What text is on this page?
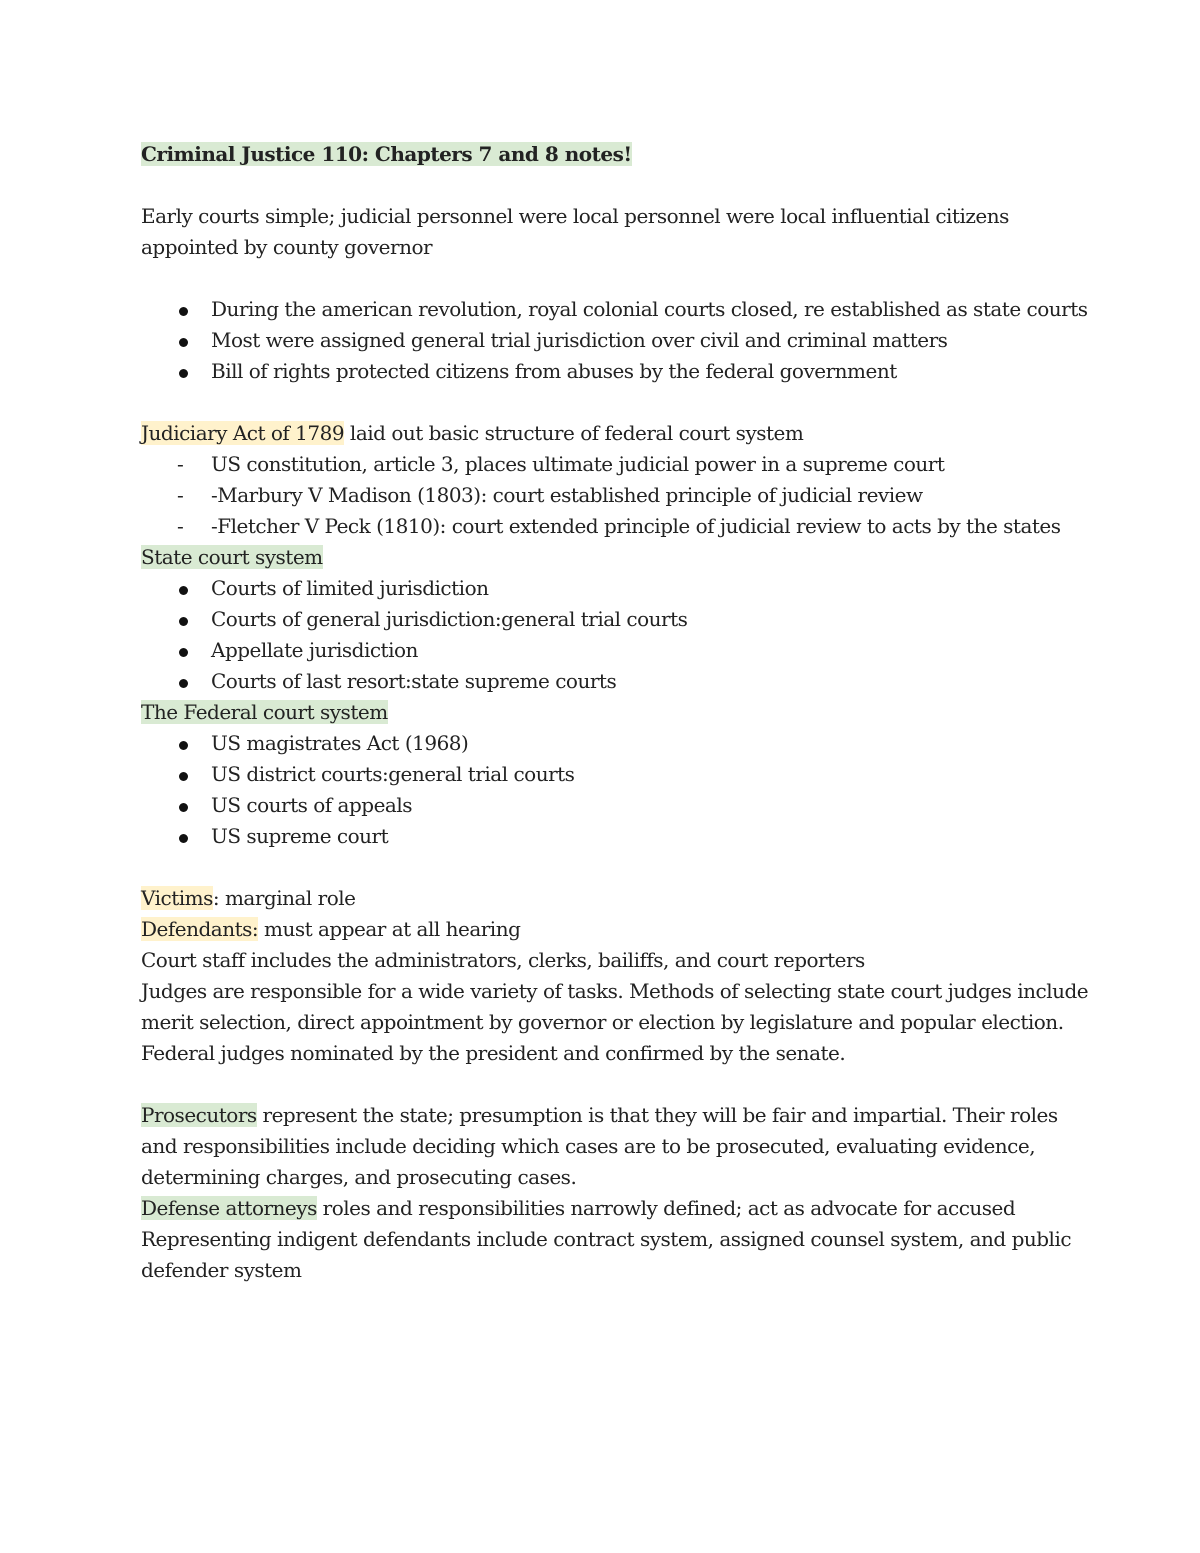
Criminal Justice 110: Chapters 7 and 8 notes!
Early courts simple; judicial personnel were local personnel were local influential citizens
appointed by county governor
During the american revolution, royal colonial courts closed, re established as state courts
Most were assigned general trial jurisdiction over civil and criminal matters
Bill of rights protected citizens from abuses by the federal government
Judiciary Act of 1789 laid out basic structure of federal court system
- US constitution, article 3, places ultimate judicial power in a supreme court
- -Marbury V Madison (1803): court established principle of judicial review
- -Fletcher V Peck (1810): court extended principle of judicial review to acts by the states
State court system
Courts of limited jurisdiction
Courts of general jurisdiction:general trial courts
Appellate jurisdiction
Courts of last resort:state supreme courts
The Federal court system
US magistrates Act (1968)
US district courts:general trial courts
US courts of appeals
US supreme court
Victims: marginal role
Defendants: must appear at all hearing
Court staff includes the administrators, clerks, bailiffs, and court reporters
Judges are responsible for a wide variety of tasks. Methods of selecting state court judges include
merit selection, direct appointment by governor or election by legislature and popular election.
Federal judges nominated by the president and confirmed by the senate.
Prosecutors represent the state; presumption is that they will be fair and impartial. Their roles
and responsibilities include deciding which cases are to be prosecuted, evaluating evidence,
determining charges, and prosecuting cases.
Defense attorneys roles and responsibilities narrowly defined; act as advocate for accused
Representing indigent defendants include contract system, assigned counsel system, and public
defender system
